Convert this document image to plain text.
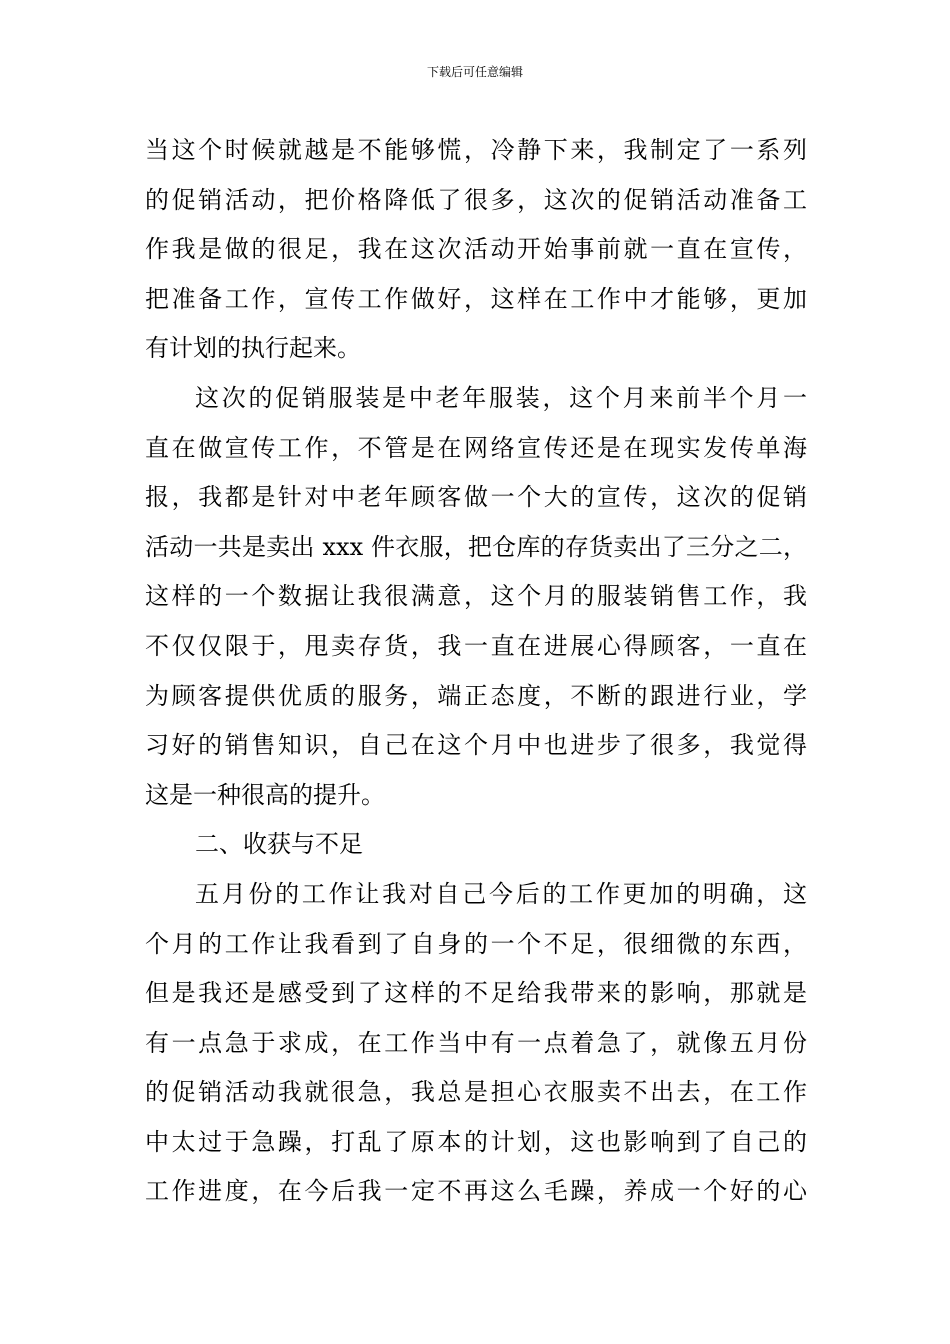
下载后可任意编辑
当这个时候就越是不能够慌，冷静下来，我制定了一系列
的促销活动，把价格降低了很多，这次的促销活动准备工
作我是做的很足，我在这次活动开始事前就一直在宣传，
把准备工作，宣传工作做好，这样在工作中才能够，更加
有计划的执行起来。
这次的促销服装是中老年服装，这个月来前半个月一
直在做宣传工作，不管是在网络宣传还是在现实发传单海
报，我都是针对中老年顾客做一个大的宣传，这次的促销
活动一共是卖出 xxx 件衣服，把仓库的存货卖出了三分之二，
这样的一个数据让我很满意，这个月的服装销售工作，我
不仅仅限于，甩卖存货，我一直在进展心得顾客，一直在
为顾客提供优质的服务，端正态度，不断的跟进行业，学
习好的销售知识，自己在这个月中也进步了很多，我觉得
这是一种很高的提升。
二、收获与不足
五月份的工作让我对自己今后的工作更加的明确，这
个月的工作让我看到了自身的一个不足，很细微的东西，
但是我还是感受到了这样的不足给我带来的影响，那就是
有一点急于求成，在工作当中有一点着急了，就像五月份
的促销活动我就很急，我总是担心衣服卖不出去，在工作
中太过于急躁，打乱了原本的计划，这也影响到了自己的
工作进度，在今后我一定不再这么毛躁，养成一个好的心
